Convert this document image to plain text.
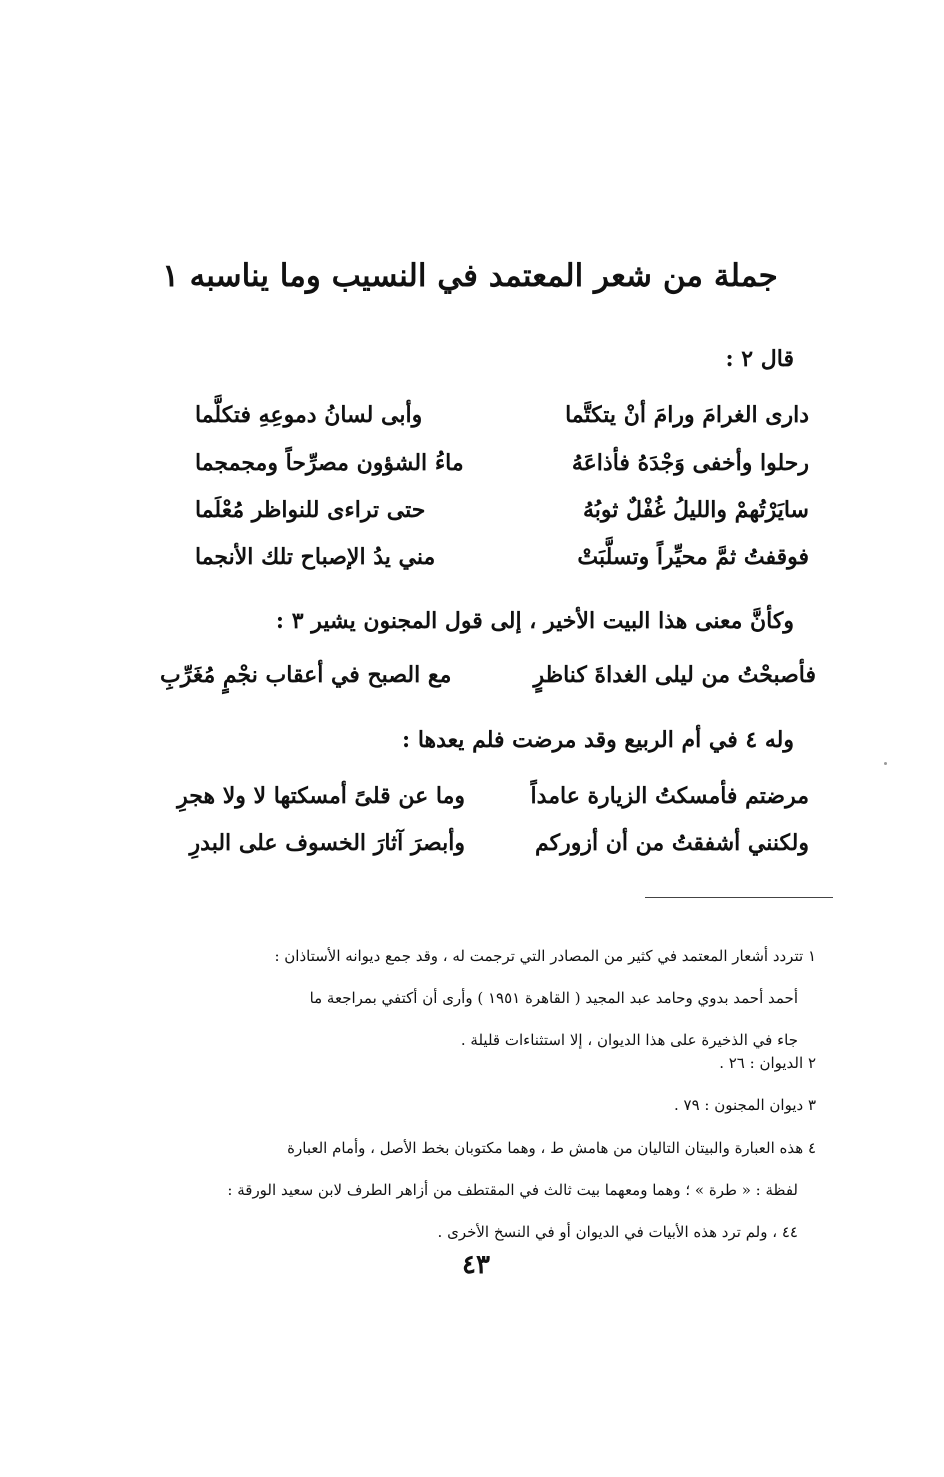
جملة من شعر المعتمد في النسيب وما يناسبه ١
قال ٢ :
دارى الغرامَ ورامَ أنْ يتكتَّما
وأبى لسانُ دموعِهِ فتكلَّما
رحلوا وأخفى وَجْدَهُ فأذاعَهُ
ماءُ الشؤون مصرِّحاً ومجمجما
سايَرْتُهمْ والليلُ غُفْلٌ ثوبُهُ
حتى تراءى للنواظر مُعْلَما
فوقفتُ ثمَّ محيِّراً وتسلَّبَتْ
مني يدُ الإصباح تلك الأنجما
وكأنَّ معنى هذا البيت الأخير ، إلى قول المجنون يشير ٣ :
فأصبحْتُ من ليلى الغداةَ كناظرٍ
مع الصبح في أعقاب نجْمٍ مُغَرِّبِ
وله ٤ في أم الربيع وقد مرضت فلم يعدها :
مرضتم فأمسكتُ الزيارة عامداً
وما عن قلىً أمسكتها لا ولا هجرِ
ولكنني أشفقتُ من أن أزوركم
وأبصرَ آثارَ الخسوف على البدرِ
١ تتردد أشعار المعتمد في كثير من المصادر التي ترجمت له ، وقد جمع ديوانه الأستاذان :
أحمد أحمد بدوي وحامد عبد المجيد ( القاهرة ١٩٥١ ) وأرى أن أكتفي بمراجعة ما
جاء في الذخيرة على هذا الديوان ، إلا استثناءات قليلة .
٢ الديوان : ٢٦ .
٣ ديوان المجنون : ٧٩ .
٤ هذه العبارة والبيتان التاليان من هامش ط ، وهما مكتوبان بخط الأصل ، وأمام العبارة
لفظة : « طرة » ؛ وهما ومعهما بيت ثالث في المقتطف من أزاهر الطرف لابن سعيد الورقة :
٤٤ ، ولم ترد هذه الأبيات في الديوان أو في النسخ الأخرى .
٤٣
